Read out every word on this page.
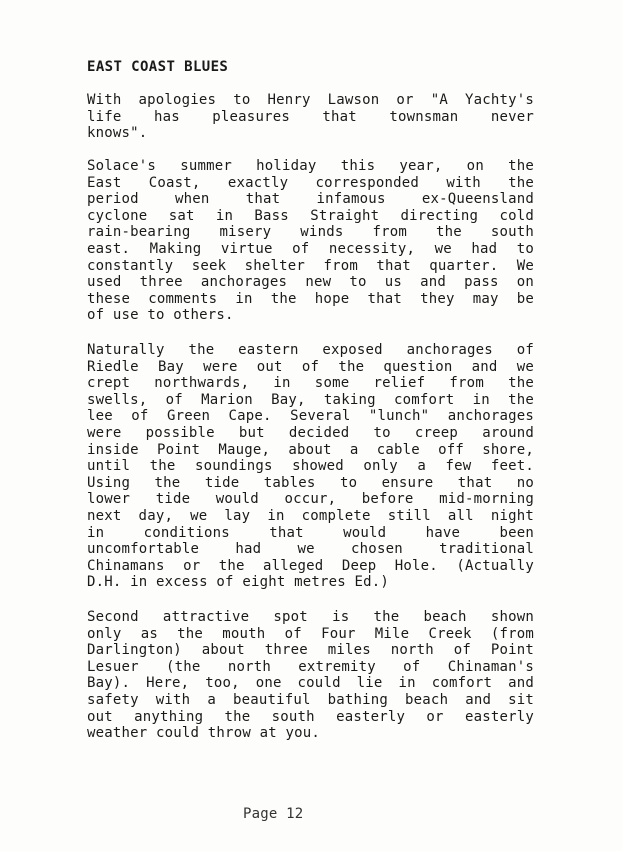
EAST COAST BLUES
With apologies to Henry Lawson or "A Yachty's
life has pleasures that townsman never
knows".
Solace's summer holiday this year, on the
East Coast, exactly corresponded with the
period when that infamous ex-Queensland
cyclone sat in Bass Straight directing cold
rain-bearing misery winds from the south
east. Making virtue of necessity, we had to
constantly seek shelter from that quarter. We
used three anchorages new to us and pass on
these comments in the hope that they may be
of use to others.
Naturally the eastern exposed anchorages of
Riedle Bay were out of the question and we
crept northwards, in some relief from the
swells, of Marion Bay, taking comfort in the
lee of Green Cape. Several "lunch" anchorages
were possible but decided to creep around
inside Point Mauge, about a cable off shore,
until the soundings showed only a few feet.
Using the tide tables to ensure that no
lower tide would occur, before mid-morning
next day, we lay in complete still all night
in conditions that would have been
uncomfortable had we chosen traditional
Chinamans or the alleged Deep Hole. (Actually
D.H. in excess of eight metres Ed.)
Second attractive spot is the beach shown
only as the mouth of Four Mile Creek (from
Darlington) about three miles north of Point
Lesuer (the north extremity of Chinaman's
Bay). Here, too, one could lie in comfort and
safety with a beautiful bathing beach and sit
out anything the south easterly or easterly
weather could throw at you.
Page 12
